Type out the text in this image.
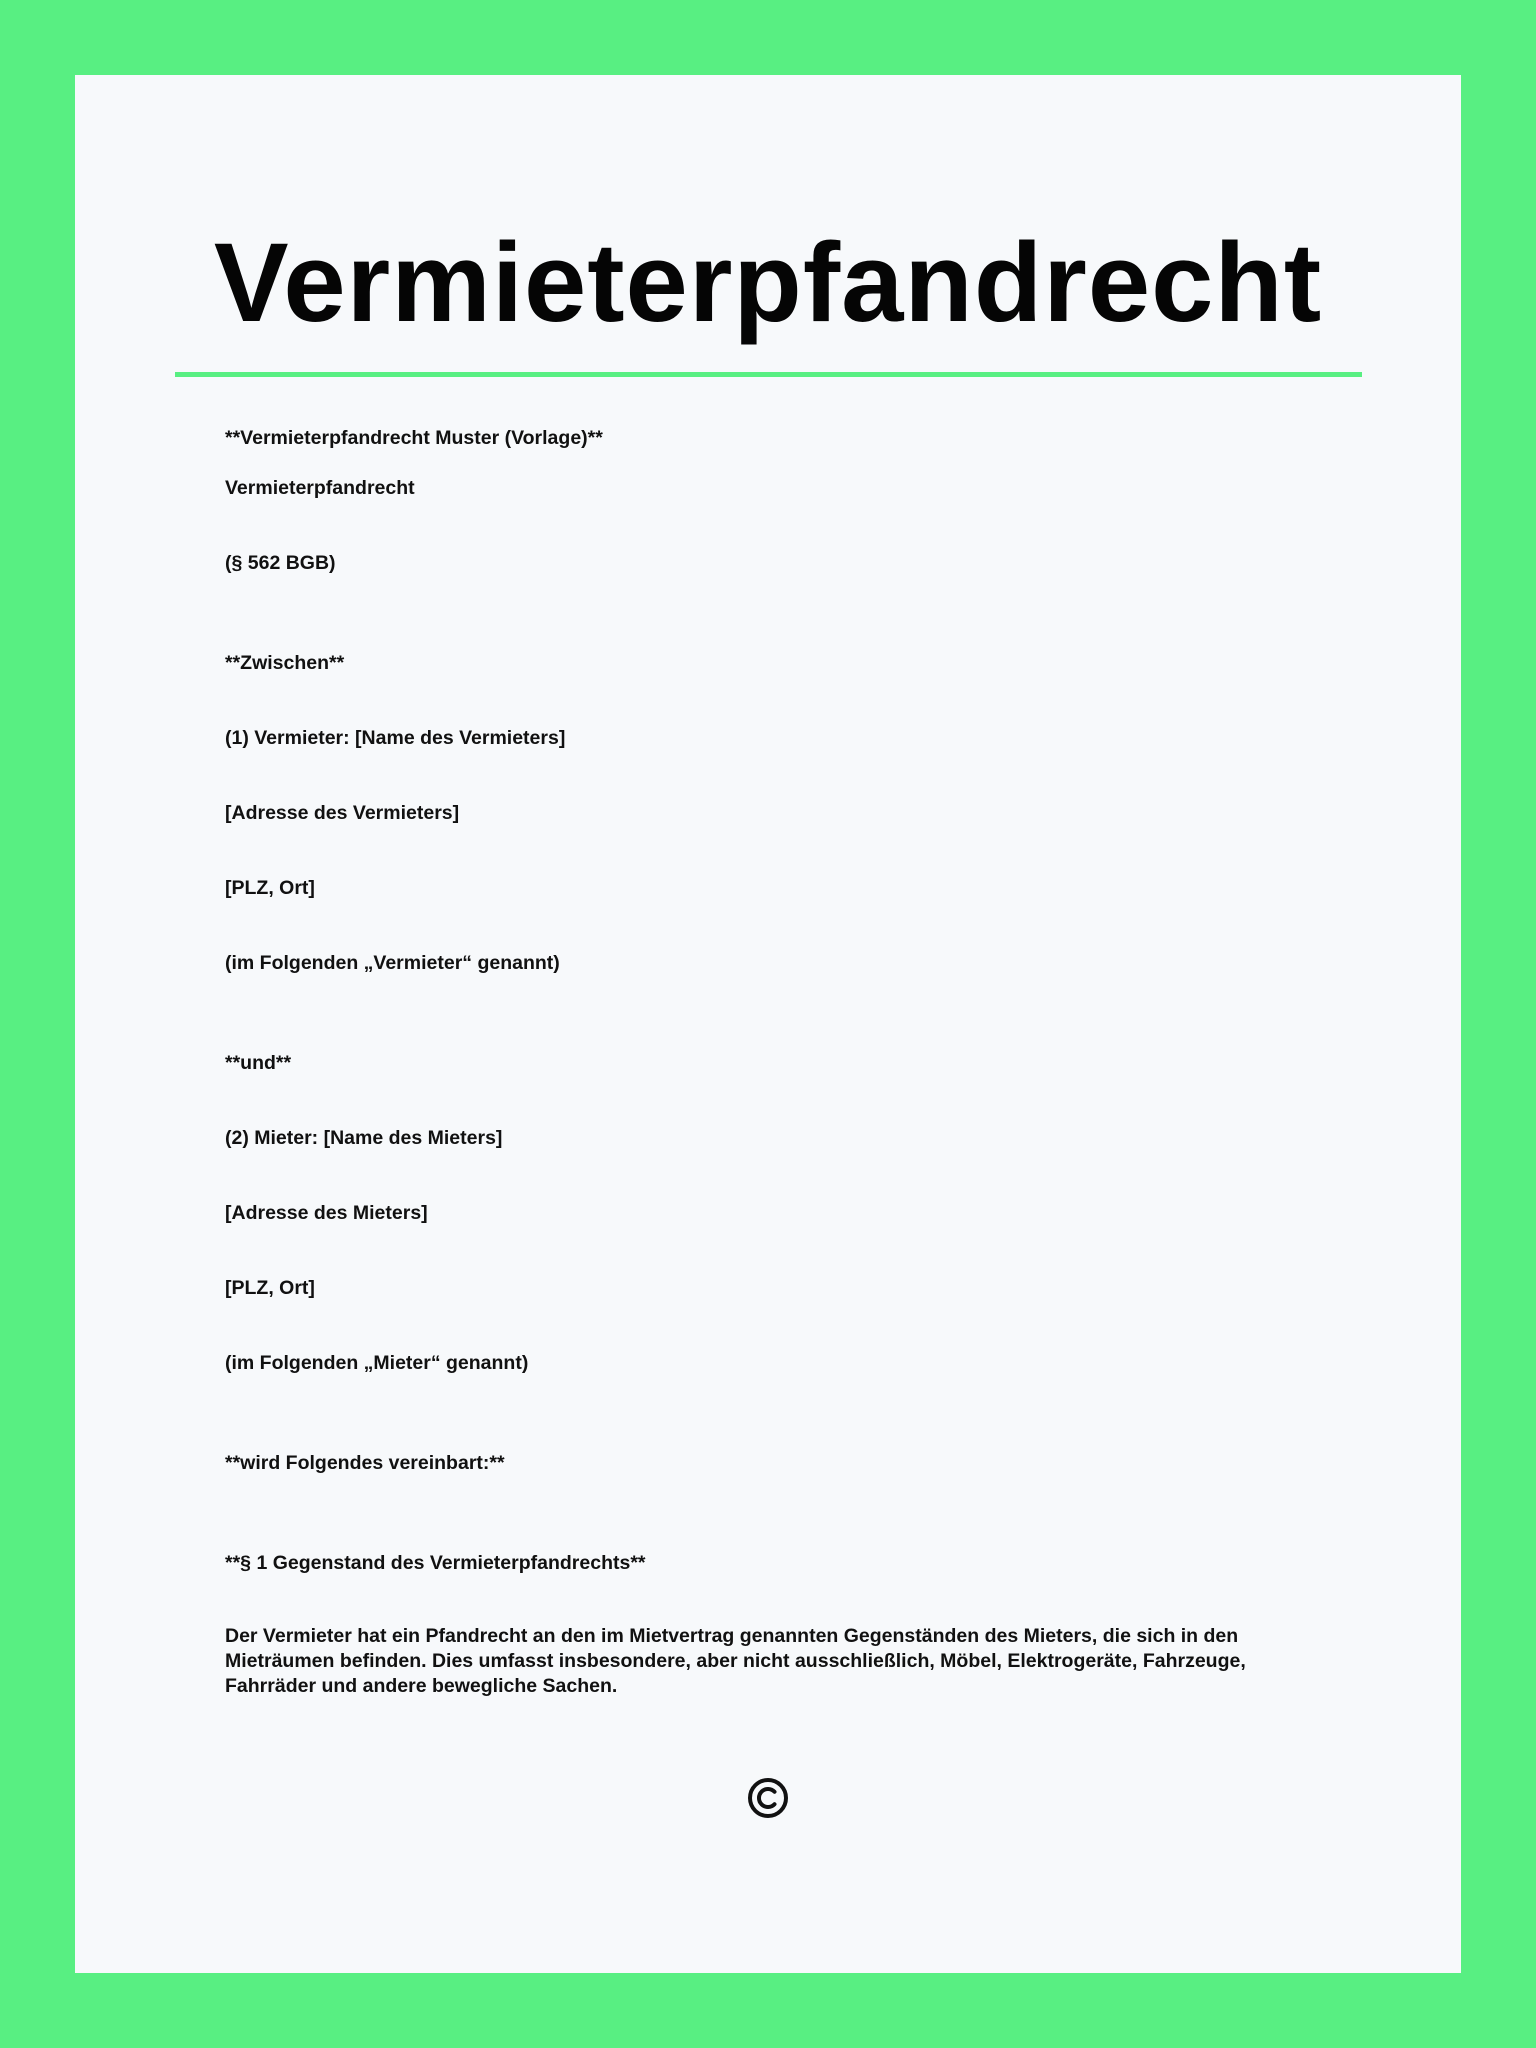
Vermieterpfandrecht

**Vermieterpfandrecht Muster (Vorlage)**

Vermieterpfandrecht

(§ 562 BGB)

**Zwischen**

(1) Vermieter: [Name des Vermieters]

[Adresse des Vermieters]

[PLZ, Ort]

(im Folgenden „Vermieter“ genannt)

**und**

(2) Mieter: [Name des Mieters]

[Adresse des Mieters]

[PLZ, Ort]

(im Folgenden „Mieter“ genannt)

**wird Folgendes vereinbart:**

**§ 1 Gegenstand des Vermieterpfandrechts**

Der Vermieter hat ein Pfandrecht an den im Mietvertrag genannten Gegenständen des Mieters, die sich in den Mieträumen befinden. Dies umfasst insbesondere, aber nicht ausschließlich, Möbel, Elektrogeräte, Fahrzeuge, Fahrräder und andere bewegliche Sachen.
